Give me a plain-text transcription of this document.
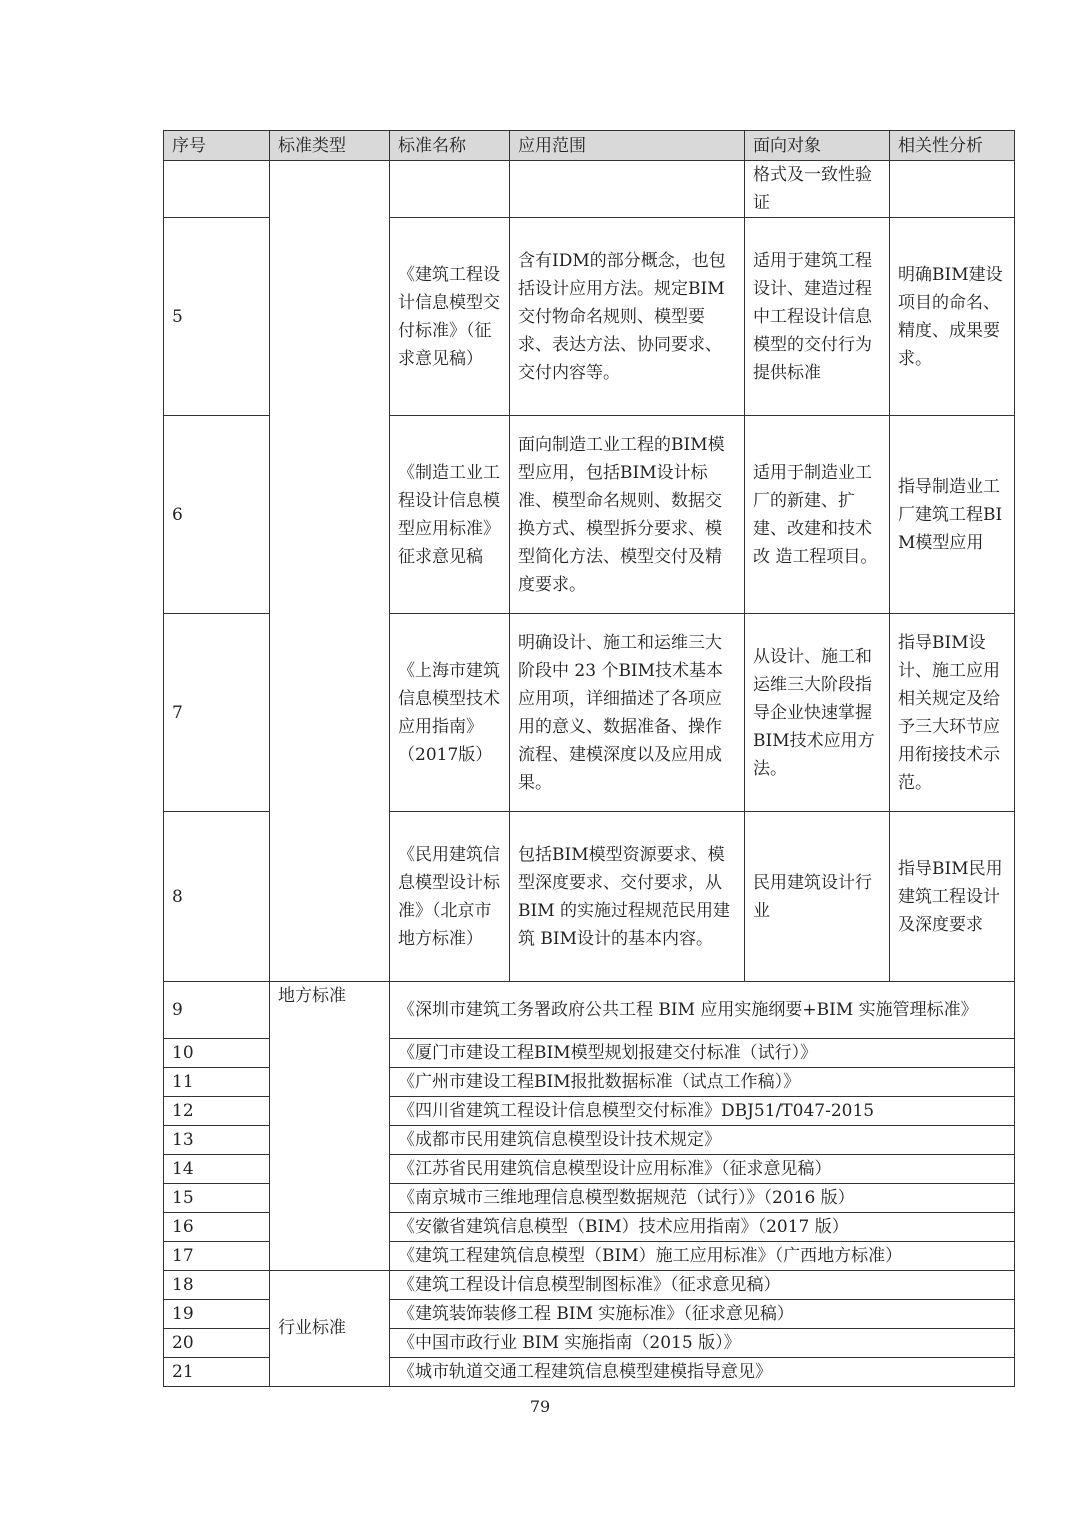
序号	标准类型	标准名称	应用范围	面向对象	相关性分析
				格式及一致性验证	
5		《建筑工程设计信息模型交付标准》（征求意见稿）	含有IDM的部分概念，也包括设计应用方法。规定BIM交付物命名规则、模型要求、表达方法、协同要求、交付内容等。	适用于建筑工程设计、建造过程中工程设计信息模型的交付行为提供标准	明确BIM建设项目的命名、精度、成果要求。
6		《制造工业工程设计信息模型应用标准》征求意见稿	面向制造工业工程的BIM模型应用，包括BIM设计标准、模型命名规则、数据交换方式、模型拆分要求、模型简化方法、模型交付及精度要求。	适用于制造业工厂的新建、扩建、改建和技术改 造工程项目。	指导制造业工厂建筑工程BIM模型应用
7		《上海市建筑信息模型技术应用指南》（2017版）	明确设计、施工和运维三大阶段中 23 个BIM技术基本应用项，详细描述了各项应用的意义、数据准备、操作流程、建模深度以及应用成果。	从设计、施工和运维三大阶段指导企业快速掌握BIM技术应用方法。	指导BIM设计、施工应用相关规定及给予三大环节应用衔接技术示范。
8		《民用建筑信息模型设计标准》（北京市地方标准）	包括BIM模型资源要求、模型深度要求、交付要求，从 BIM 的实施过程规范民用建筑 BIM设计的基本内容。	民用建筑设计行业	指导BIM民用建筑工程设计及深度要求
9	地方标准	《深圳市建筑工务署政府公共工程 BIM 应用实施纲要+BIM 实施管理标准》			
10		《厦门市建设工程BIM模型规划报建交付标准（试行）》			
11		《广州市建设工程BIM报批数据标准（试点工作稿）》			
12		《四川省建筑工程设计信息模型交付标准》DBJ51/T047-2015			
13		《成都市民用建筑信息模型设计技术规定》			
14		《江苏省民用建筑信息模型设计应用标准》（征求意见稿）			
15		《南京城市三维地理信息模型数据规范（试行）》（2016 版）			
16		《安徽省建筑信息模型（BIM）技术应用指南》（2017 版）			
17		《建筑工程建筑信息模型（BIM）施工应用标准》（广西地方标准）			
18	行业标准	《建筑工程设计信息模型制图标准》（征求意见稿）			
19		《建筑装饰装修工程 BIM 实施标准》（征求意见稿）			
20		《中国市政行业 BIM 实施指南（2015 版）》			
21		《城市轨道交通工程建筑信息模型建模指导意见》			
79
